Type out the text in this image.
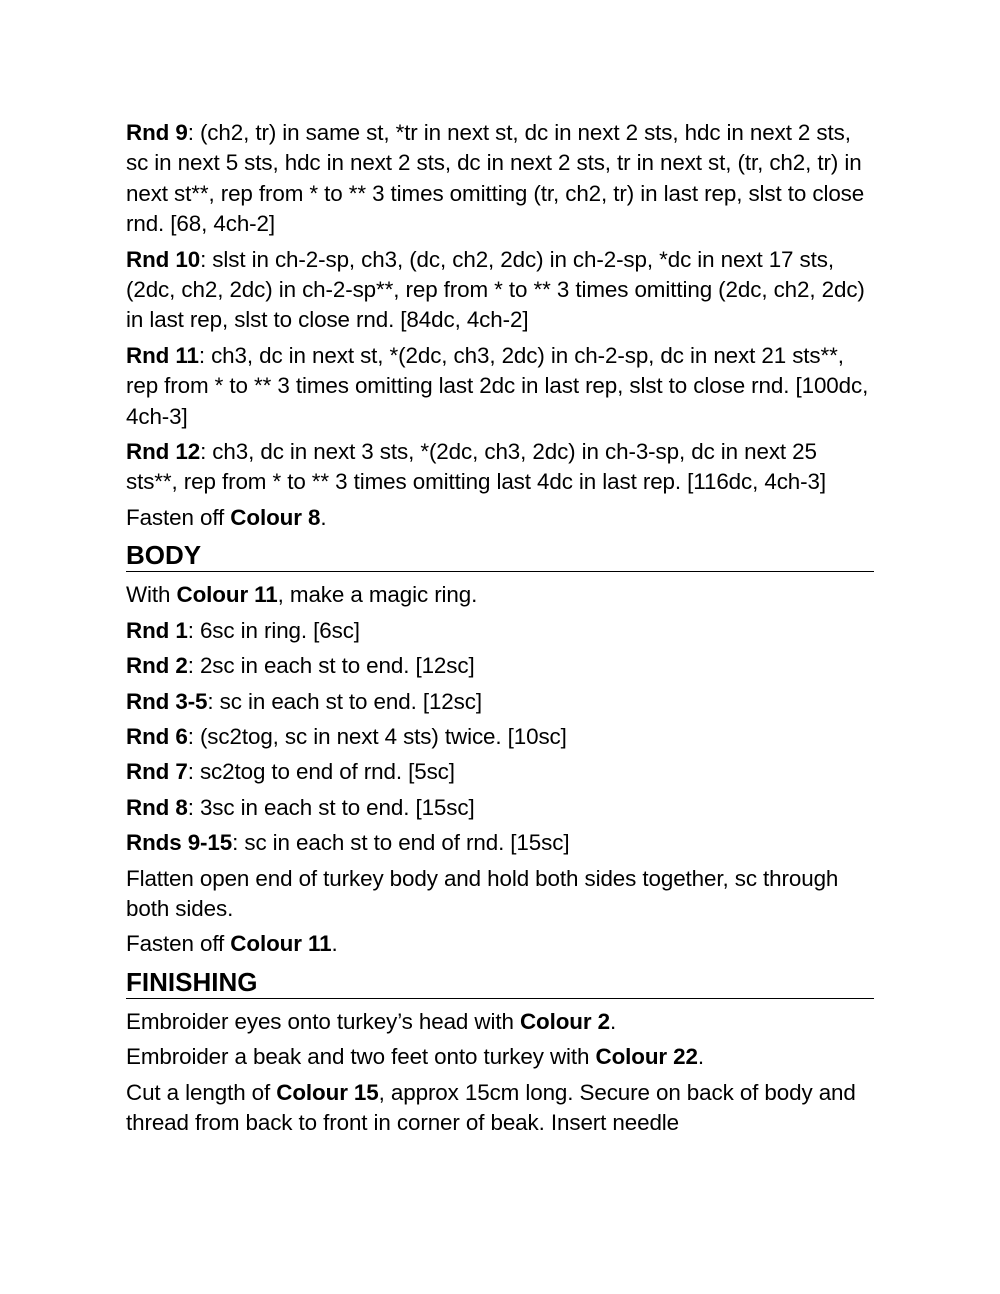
Rnd 9: (ch2, tr) in same st, *tr in next st, dc in next 2 sts, hdc in next 2 sts, sc in next 5 sts, hdc in next 2 sts, dc in next 2 sts, tr in next st, (tr, ch2, tr) in next st**, rep from * to ** 3 times omitting (tr, ch2, tr) in last rep, slst to close rnd. [68, 4ch-2]

Rnd 10: slst in ch-2-sp, ch3, (dc, ch2, 2dc) in ch-2-sp, *dc in next 17 sts, (2dc, ch2, 2dc) in ch-2-sp**, rep from * to ** 3 times omitting (2dc, ch2, 2dc) in last rep, slst to close rnd. [84dc, 4ch-2]

Rnd 11: ch3, dc in next st, *(2dc, ch3, 2dc) in ch-2-sp, dc in next 21 sts**, rep from * to ** 3 times omitting last 2dc in last rep, slst to close rnd. [100dc, 4ch-3]

Rnd 12: ch3, dc in next 3 sts, *(2dc, ch3, 2dc) in ch-3-sp, dc in next 25 sts**, rep from * to ** 3 times omitting last 4dc in last rep. [116dc, 4ch-3]

Fasten off Colour 8.

BODY

With Colour 11, make a magic ring.

Rnd 1: 6sc in ring. [6sc]

Rnd 2: 2sc in each st to end. [12sc]

Rnd 3-5: sc in each st to end. [12sc]

Rnd 6: (sc2tog, sc in next 4 sts) twice. [10sc]

Rnd 7: sc2tog to end of rnd. [5sc]

Rnd 8: 3sc in each st to end. [15sc]

Rnds 9-15: sc in each st to end of rnd. [15sc]

Flatten open end of turkey body and hold both sides together, sc through both sides.

Fasten off Colour 11.

FINISHING

Embroider eyes onto turkey’s head with Colour 2.

Embroider a beak and two feet onto turkey with Colour 22.

Cut a length of Colour 15, approx 15cm long. Secure on back of body and thread from back to front in corner of beak. Insert needle
